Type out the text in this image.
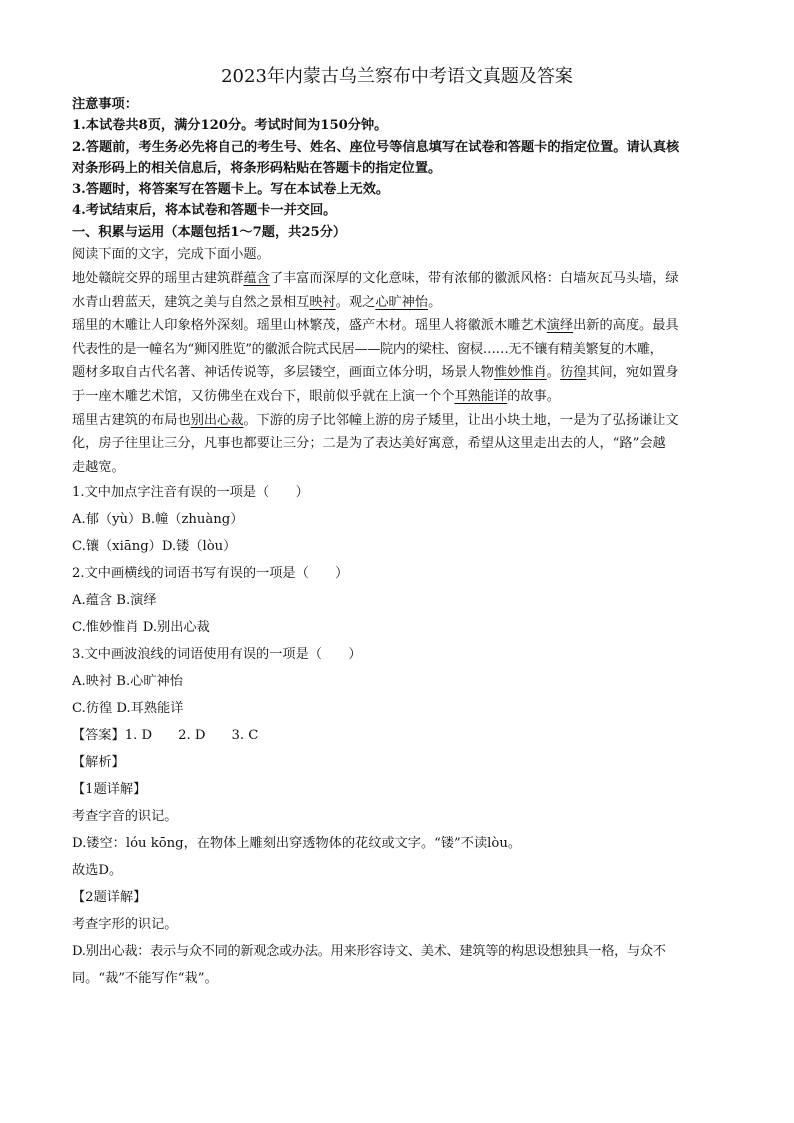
2023年内蒙古乌兰察布中考语文真题及答案

注意事项：

1.本试卷共8页，满分120分。考试时间为150分钟。

2.答题前，考生务必先将自己的考生号、姓名、座位号等信息填写在试卷和答题卡的指定位置。请认真核

对条形码上的相关信息后，将条形码粘贴在答题卡的指定位置。

3.答题时，将答案写在答题卡上。写在本试卷上无效。

4.考试结束后，将本试卷和答题卡一并交回。

一、积累与运用（本题包括1～7题，共25分）

阅读下面的文字，完成下面小题。

地处赣皖交界的瑶里古建筑群蕴含了丰富而深厚的文化意味，带有浓郁的徽派风格：白墙灰瓦马头墙，绿

水青山碧蓝天，建筑之美与自然之景相互映衬。观之心旷神怡。

瑶里的木雕让人印象格外深刻。瑶里山林繁茂，盛产木材。瑶里人将徽派木雕艺术演绎出新的高度。最具

代表性的是一幢名为“狮冈胜览”的徽派合院式民居——院内的梁柱、窗棂……无不镶有精美繁复的木雕，

题材多取自古代名著、神话传说等，多层镂空，画面立体分明，场景人物惟妙惟肖。彷徨其间，宛如置身

于一座木雕艺术馆，又彷佛坐在戏台下，眼前似乎就在上演一个个耳熟能详的故事。

瑶里古建筑的布局也别出心裁。下游的房子比邻幢上游的房子矮里，让出小块土地，一是为了弘扬谦让文

化，房子往里让三分，凡事也都要让三分；二是为了表达美好寓意，希望从这里走出去的人，“路”会越

走越宽。

1.文中加点字注音有误的一项是（　　）

A.郁（yù）B.幢（zhuàng）

C.镶（xiāng）D.镂（lòu）

2.文中画横线的词语书写有误的一项是（　　）

A.蕴含 B.演绎

C.惟妙惟肖 D.别出心裁

3.文中画波浪线的词语使用有误的一项是（　　）

A.映衬 B.心旷神怡

C.彷徨 D.耳熟能详

【答案】1. D 2. D 3. C

【解析】

【1题详解】

考查字音的识记。

D.镂空：lóu kōng，在物体上雕刻出穿透物体的花纹或文字。“镂”不读lòu。

故选D。

【2题详解】

考查字形的识记。

D.别出心裁：表示与众不同的新观念或办法。用来形容诗文、美术、建筑等的构思设想独具一格，与众不

同。“裁”不能写作“栽”。
